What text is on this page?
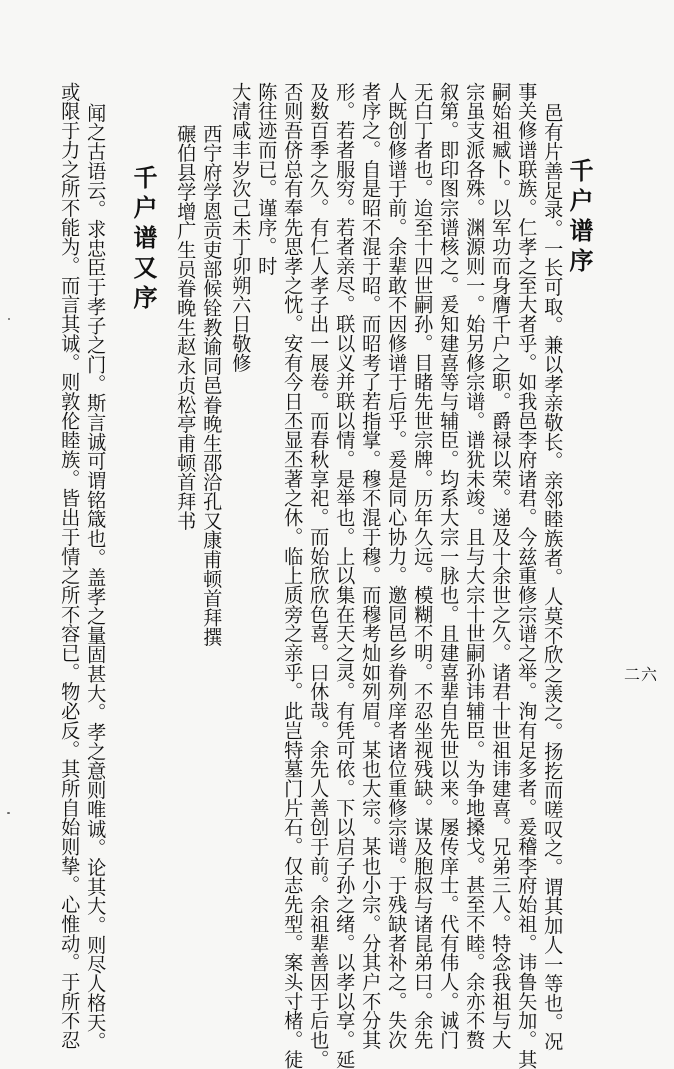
千户谱序
邑有片善足录。一长可取。兼以孝亲敬长。亲邻睦族者。人莫不欣之羡之。扬扢而嗟叹之。谓其加人一等也。况
事关修谱联族。仁孝之至大者乎。如我邑李府诸君。今兹重修宗谱之举。洵有足多者。爰稽李府始祖。讳鲁矢加。其
嗣始祖臧卜。以军功而身膺千户之职。爵禄以荣。递及十余世之久。诸君十世祖讳建喜。兄弟三人。特念我祖与大
宗虽支派各殊。渊源则一。始另修宗谱。谱犹未竣。且与大宗十世嗣孙讳辅臣。为争地搡戈。甚至不睦。余亦不赘
叙第。即印图宗谱核之。爰知建喜等与辅臣。均系大宗一脉也。且建喜辈自先世以来。屡传庠士。代有伟人。诚门
无白丁者也。迨至十四世嗣孙。目睹先世宗牌。历年久远。模糊不明。不忍坐视残缺。谋及胞叔与诸昆弟曰。余先
人既创修谱于前。余辈敢不因修谱于后乎。爰是同心协力。邀同邑乡眷列庠者诸位重修宗谱。于残缺者补之。失次
者序之。自是昭不混于昭。而昭考了若指掌。穆不混于穆。而穆考灿如列眉。某也大宗。某也小宗。分其户不分其
形。若者服穷。若者亲尽。联以义并联以情。是举也。上以集在天之灵。有凭可依。下以启子孙之绪。以孝以享。延
及数百季之久。有仁人孝子出一展卷。而春秋享祀。而始欣欣色喜。曰休哉。余先人善创于前。余祖辈善因于后也。
否则吾侪总有奉先思孝之忱。安有今日丕显丕著之休。临上质旁之亲乎。此岂特墓门片石。仅志先型。案头寸楮。徒
陈往迹而已。谨序。时
大清咸丰岁次己未丁卯朔六日敬修
西宁府学恩贡吏部候铨教谕同邑眷晚生邵洽孔又康甫顿首拜撰
碾伯县学增广生员眷晚生赵永贞松亭甫顿首拜书
千户谱又序
闻之古语云。求忠臣于孝子之门。斯言诚可谓铭箴也。盖孝之量固甚大。孝之意则唯诚。论其大。则尽人格天。
或限于力之所不能为。而言其诚。则敦伦睦族。皆出于情之所不容已。物必反。其所自始则挚。心惟动。于所不忍	二六
